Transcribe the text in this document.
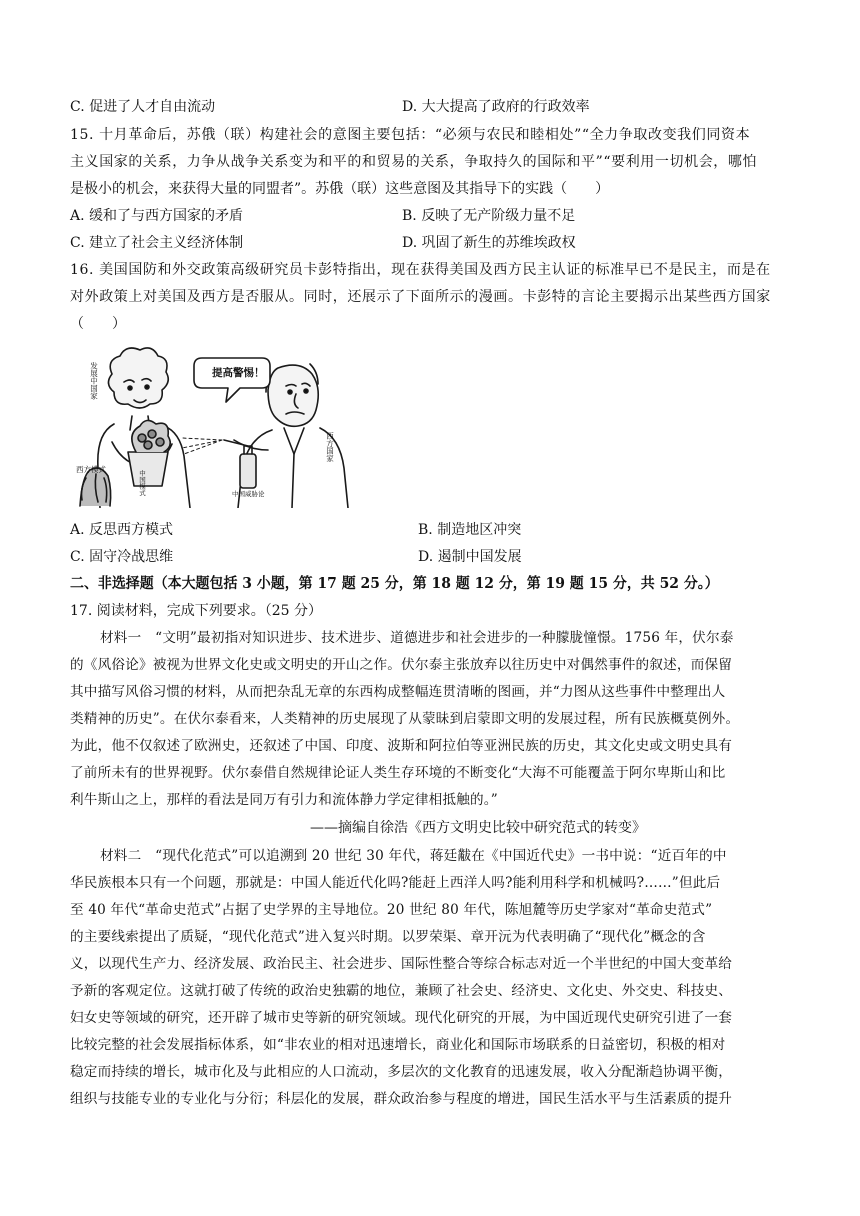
C. 促进了人才自由流动	D. 大大提高了政府的行政效率
15. 十月革命后，苏俄（联）构建社会的意图主要包括：“必须与农民和睦相处”“全力争取改变我们同资本
主义国家的关系，力争从战争关系变为和平的和贸易的关系，争取持久的国际和平”“要利用一切机会，哪怕
是极小的机会，来获得大量的同盟者”。苏俄（联）这些意图及其指导下的实践（　　）
A. 缓和了与西方国家的矛盾	B. 反映了无产阶级力量不足
C. 建立了社会主义经济体制	D. 巩固了新生的苏维埃政权
16. 美国国防和外交政策高级研究员卡彭特指出，现在获得美国及西方民主认证的标准早已不是民主，而是在
对外政策上对美国及西方是否服从。同时，还展示了下面所示的漫画。卡彭特的言论主要揭示出某些西方国家
（　　）
提高警惕！
发展中国家
西方模式
中国模式
西方国家
中国威胁论
A. 反思西方模式	B. 制造地区冲突
C. 固守冷战思维	D. 遏制中国发展
二、非选择题（本大题包括 3 小题，第 17 题 25 分，第 18 题 12 分，第 19 题 15 分，共 52 分。）
17. 阅读材料，完成下列要求。（25 分）
材料一　“文明”最初指对知识进步、技术进步、道德进步和社会进步的一种朦胧憧憬。1756 年，伏尔泰
的《风俗论》被视为世界文化史或文明史的开山之作。伏尔泰主张放弃以往历史中对偶然事件的叙述，而保留
其中描写风俗习惯的材料，从而把杂乱无章的东西构成整幅连贯清晰的图画，并“力图从这些事件中整理出人
类精神的历史”。在伏尔泰看来，人类精神的历史展现了从蒙昧到启蒙即文明的发展过程，所有民族概莫例外。
为此，他不仅叙述了欧洲史，还叙述了中国、印度、波斯和阿拉伯等亚洲民族的历史，其文化史或文明史具有
了前所未有的世界视野。伏尔泰借自然规律论证人类生存环境的不断变化“大海不可能覆盖于阿尔卑斯山和比
利牛斯山之上，那样的看法是同万有引力和流体静力学定律相抵触的。”
——摘编自徐浩《西方文明史比较中研究范式的转变》
材料二　“现代化范式”可以追溯到 20 世纪 30 年代，蒋廷黻在《中国近代史》一书中说：“近百年的中
华民族根本只有一个问题，那就是：中国人能近代化吗?能赶上西洋人吗?能利用科学和机械吗?……”但此后
至 40 年代“革命史范式”占据了史学界的主导地位。20 世纪 80 年代，陈旭麓等历史学家对“革命史范式”
的主要线索提出了质疑，“现代化范式”进入复兴时期。以罗荣渠、章开沅为代表明确了“现代化”概念的含
义，以现代生产力、经济发展、政治民主、社会进步、国际性整合等综合标志对近一个半世纪的中国大变革给
予新的客观定位。这就打破了传统的政治史独霸的地位，兼顾了社会史、经济史、文化史、外交史、科技史、
妇女史等领域的研究，还开辟了城市史等新的研究领域。现代化研究的开展，为中国近现代史研究引进了一套
比较完整的社会发展指标体系，如“非农业的相对迅速增长，商业化和国际市场联系的日益密切，积极的相对
稳定而持续的增长，城市化及与此相应的人口流动，多层次的文化教育的迅速发展，收入分配渐趋协调平衡，
组织与技能专业的专业化与分衍；科层化的发展，群众政治参与程度的增进，国民生活水平与生活素质的提升
